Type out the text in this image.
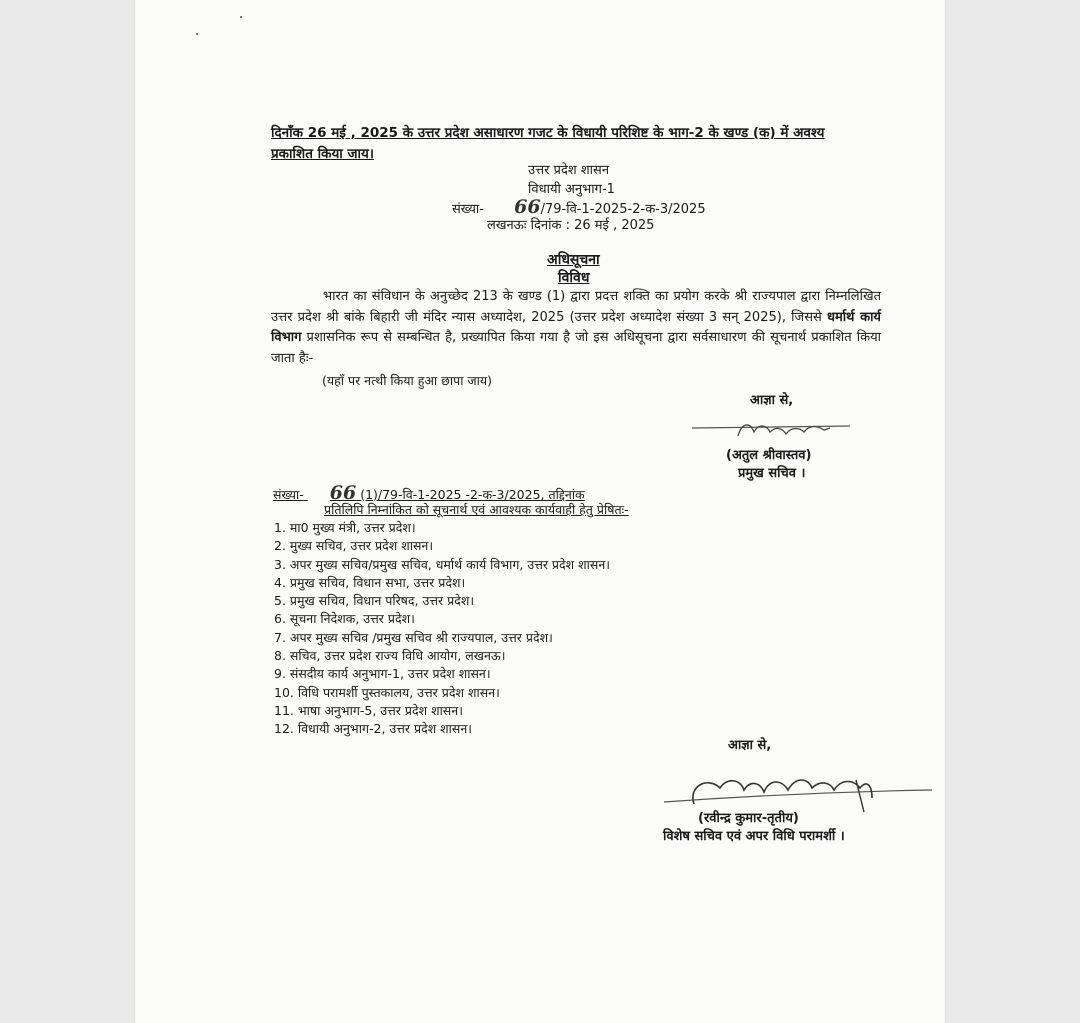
दिनाँक 26 मई , 2025 के उत्तर प्रदेश असाधारण गजट के विधायी परिशिष्ट के भाग-2 के खण्ड (क) में अवश्य
प्रकाशित किया जाय।
उत्तर प्रदेश शासन
विधायी अनुभाग-1
संख्या- 66/79-वि-1-2025-2-क-3/2025
लखनऊः दिनांक : 26 मई , 2025
अधिसूचना
विविध
भारत का संविधान के अनुच्छेद 213 के खण्ड (1) द्वारा प्रदत्त शक्ति का प्रयोग करके श्री राज्यपाल द्वारा निम्नलिखित उत्तर प्रदेश श्री बांके बिहारी जी मंदिर न्यास अध्यादेश, 2025 (उत्तर प्रदेश अध्यादेश संख्या 3 सन् 2025), जिससे धर्मार्थ कार्य विभाग प्रशासनिक रूप से सम्बन्धित है, प्रख्यापित किया गया है जो इस अधिसूचना द्वारा सर्वसाधारण की सूचनार्थ प्रकाशित किया जाता हैः-
(यहाँ पर नत्थी किया हुआ छापा जाय)
आज्ञा से,
(अतुल श्रीवास्तव)
प्रमुख सचिव ।
संख्या- 66 (1)/79-वि-1-2025 -2-क-3/2025, तद्दिनांक
प्रतिलिपि निम्नांकित को सूचनार्थ एवं आवश्यक कार्यवाही हेतु प्रेषितः-
1. मा0 मुख्य मंत्री, उत्तर प्रदेश।
2. मुख्य सचिव, उत्तर प्रदेश शासन।
3. अपर मुख्य सचिव/प्रमुख सचिव, धर्मार्थ कार्य विभाग, उत्तर प्रदेश शासन।
4. प्रमुख सचिव, विधान सभा, उत्तर प्रदेश।
5. प्रमुख सचिव, विधान परिषद, उत्तर प्रदेश।
6. सूचना निदेशक, उत्तर प्रदेश।
7. अपर मुख्य सचिव /प्रमुख सचिव श्री राज्यपाल, उत्तर प्रदेश।
8. सचिव, उत्तर प्रदेश राज्य विधि आयोग, लखनऊ।
9. संसदीय कार्य अनुभाग-1, उत्तर प्रदेश शासन।
10. विधि परामर्शी पुस्तकालय, उत्तर प्रदेश शासन।
11. भाषा अनुभाग-5, उत्तर प्रदेश शासन।
12. विधायी अनुभाग-2, उत्तर प्रदेश शासन।
आज्ञा से,
(रवीन्द्र कुमार-तृतीय)
विशेष सचिव एवं अपर विधि परामर्शी ।
